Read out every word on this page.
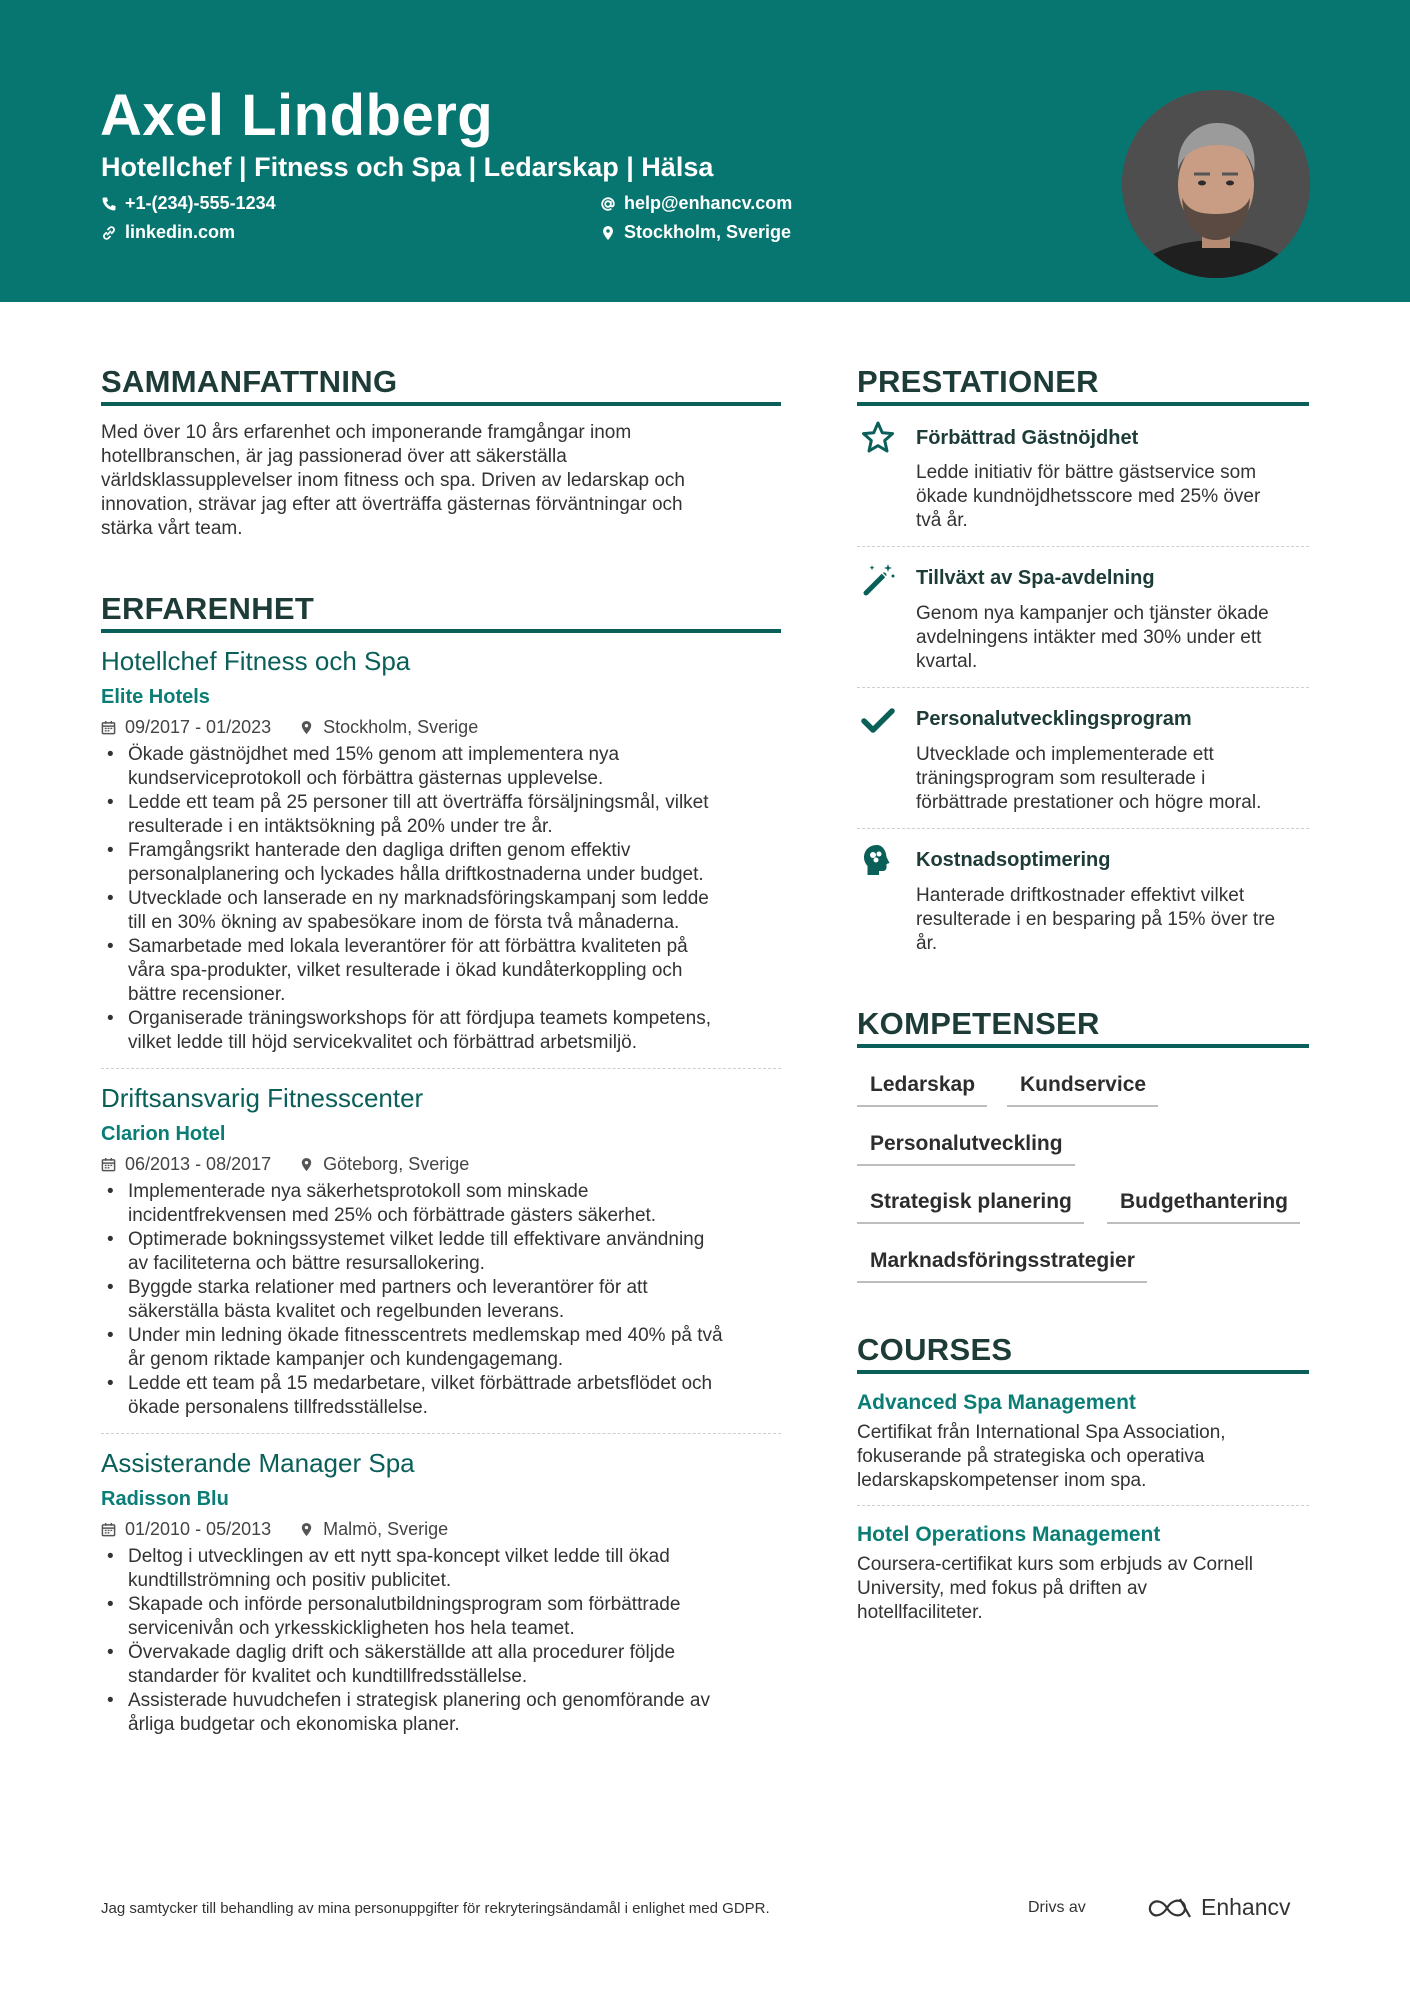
Axel Lindberg
Hotellchef | Fitness och Spa | Ledarskap | Hälsa
+1-(234)-555-1234	help@enhancv.com
linkedin.com	Stockholm, Sverige
SAMMANFATTNING
Med över 10 års erfarenhet och imponerande framgångar inom
hotellbranschen, är jag passionerad över att säkerställa
världsklassupplevelser inom fitness och spa. Driven av ledarskap och
innovation, strävar jag efter att överträffa gästernas förväntningar och
stärka vårt team.
ERFARENHET
Hotellchef Fitness och Spa
Elite Hotels
09/2017 - 01/2023	Stockholm, Sverige
• Ökade gästnöjdhet med 15% genom att implementera nya
kundserviceprotokoll och förbättra gästernas upplevelse.
• Ledde ett team på 25 personer till att överträffa försäljningsmål, vilket
resulterade i en intäktsökning på 20% under tre år.
• Framgångsrikt hanterade den dagliga driften genom effektiv
personalplanering och lyckades hålla driftkostnaderna under budget.
• Utvecklade och lanserade en ny marknadsföringskampanj som ledde
till en 30% ökning av spabesökare inom de första två månaderna.
• Samarbetade med lokala leverantörer för att förbättra kvaliteten på
våra spa-produkter, vilket resulterade i ökad kundåterkoppling och
bättre recensioner.
• Organiserade träningsworkshops för att fördjupa teamets kompetens,
vilket ledde till höjd servicekvalitet och förbättrad arbetsmiljö.
Driftsansvarig Fitnesscenter
Clarion Hotel
06/2013 - 08/2017	Göteborg, Sverige
• Implementerade nya säkerhetsprotokoll som minskade
incidentfrekvensen med 25% och förbättrade gästers säkerhet.
• Optimerade bokningssystemet vilket ledde till effektivare användning
av faciliteterna och bättre resursallokering.
• Byggde starka relationer med partners och leverantörer för att
säkerställa bästa kvalitet och regelbunden leverans.
• Under min ledning ökade fitnesscentrets medlemskap med 40% på två
år genom riktade kampanjer och kundengagemang.
• Ledde ett team på 15 medarbetare, vilket förbättrade arbetsflödet och
ökade personalens tillfredsställelse.
Assisterande Manager Spa
Radisson Blu
01/2010 - 05/2013	Malmö, Sverige
• Deltog i utvecklingen av ett nytt spa-koncept vilket ledde till ökad
kundtillströmning och positiv publicitet.
• Skapade och införde personalutbildningsprogram som förbättrade
servicenivån och yrkesskickligheten hos hela teamet.
• Övervakade daglig drift och säkerställde att alla procedurer följde
standarder för kvalitet och kundtillfredsställelse.
• Assisterade huvudchefen i strategisk planering och genomförande av
årliga budgetar och ekonomiska planer.
PRESTATIONER
Förbättrad Gästnöjdhet
Ledde initiativ för bättre gästservice som
ökade kundnöjdhetsscore med 25% över
två år.
Tillväxt av Spa-avdelning
Genom nya kampanjer och tjänster ökade
avdelningens intäkter med 30% under ett
kvartal.
Personalutvecklingsprogram
Utvecklade och implementerade ett
träningsprogram som resulterade i
förbättrade prestationer och högre moral.
Kostnadsoptimering
Hanterade driftkostnader effektivt vilket
resulterade i en besparing på 15% över tre
år.
KOMPETENSER
Ledarskap	Kundservice
Personalutveckling
Strategisk planering	Budgethantering
Marknadsföringsstrategier
COURSES
Advanced Spa Management
Certifikat från International Spa Association,
fokuserande på strategiska och operativa
ledarskapskompetenser inom spa.
Hotel Operations Management
Coursera-certifikat kurs som erbjuds av Cornell
University, med fokus på driften av
hotellfaciliteter.
Jag samtycker till behandling av mina personuppgifter för rekryteringsändamål i enlighet med GDPR.	Drivs av	Enhancv
